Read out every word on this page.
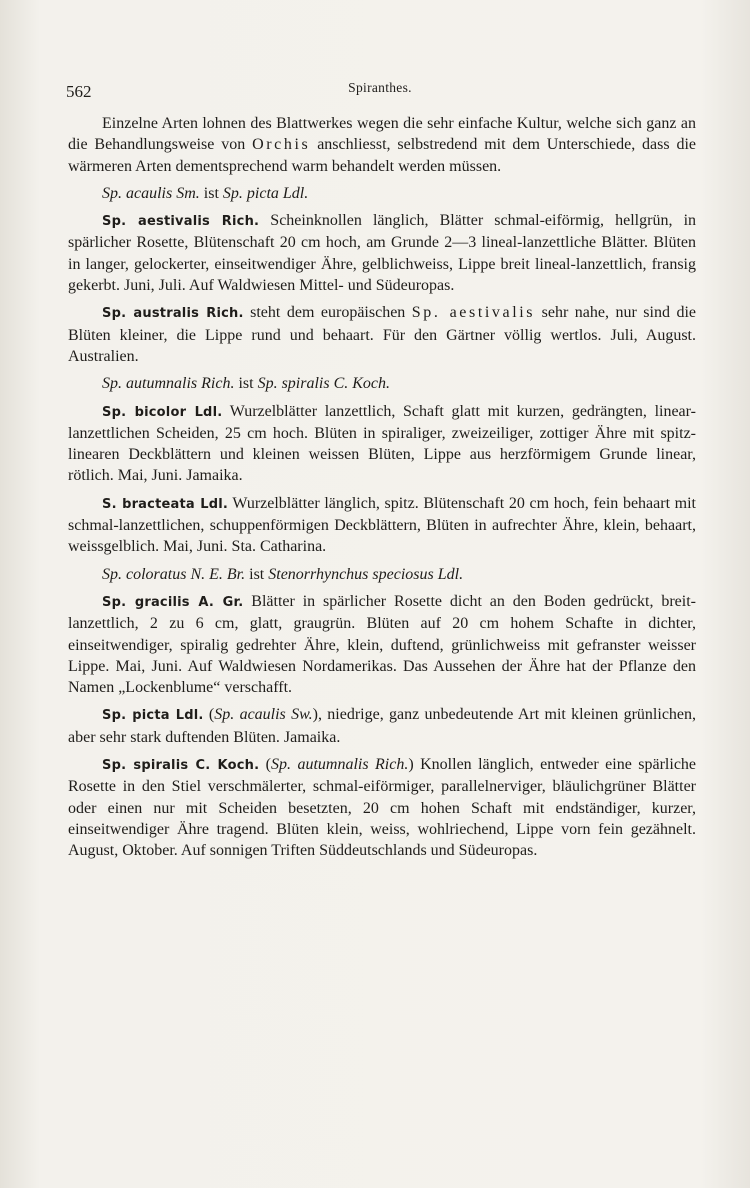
562	Spiranthes.

Einzelne Arten lohnen des Blattwerkes wegen die sehr einfache Kultur, welche sich ganz an die Behandlungsweise von Orchis anschliesst, selbstredend mit dem Unterschiede, dass die wärmeren Arten dementsprechend warm behandelt werden müssen.

Sp. acaulis Sm. ist Sp. picta Ldl.

Sp. aestivalis Rich. Scheinknollen länglich, Blätter schmal-eiförmig, hellgrün, in spärlicher Rosette, Blütenschaft 20 cm hoch, am Grunde 2—3 lineal-lanzettliche Blätter. Blüten in langer, gelockerter, einseitwendiger Ähre, gelblichweiss, Lippe breit lineal-lanzettlich, fransig gekerbt. Juni, Juli. Auf Waldwiesen Mittel- und Südeuropas.

Sp. australis Rich. steht dem europäischen Sp. aestivalis sehr nahe, nur sind die Blüten kleiner, die Lippe rund und behaart. Für den Gärtner völlig wertlos. Juli, August. Australien.

Sp. autumnalis Rich. ist Sp. spiralis C. Koch.

Sp. bicolor Ldl. Wurzelblätter lanzettlich, Schaft glatt mit kurzen, gedrängten, linear-lanzettlichen Scheiden, 25 cm hoch. Blüten in spiraliger, zweizeiliger, zottiger Ähre mit spitz-linearen Deckblättern und kleinen weissen Blüten, Lippe aus herzförmigem Grunde linear, rötlich. Mai, Juni. Jamaika.

S. bracteata Ldl. Wurzelblätter länglich, spitz. Blütenschaft 20 cm hoch, fein behaart mit schmal-lanzettlichen, schuppenförmigen Deckblättern, Blüten in aufrechter Ähre, klein, behaart, weissgelblich. Mai, Juni. Sta. Catharina.

Sp. coloratus N. E. Br. ist Stenorrhynchus speciosus Ldl.

Sp. gracilis A. Gr. Blätter in spärlicher Rosette dicht an den Boden gedrückt, breit-lanzettlich, 2 zu 6 cm, glatt, graugrün. Blüten auf 20 cm hohem Schafte in dichter, einseitwendiger, spiralig gedrehter Ähre, klein, duftend, grünlichweiss mit gefranster weisser Lippe. Mai, Juni. Auf Waldwiesen Nordamerikas. Das Aussehen der Ähre hat der Pflanze den Namen „Lockenblume“ verschafft.

Sp. picta Ldl. (Sp. acaulis Sw.), niedrige, ganz unbedeutende Art mit kleinen grünlichen, aber sehr stark duftenden Blüten. Jamaika.

Sp. spiralis C. Koch. (Sp. autumnalis Rich.) Knollen länglich, entweder eine spärliche Rosette in den Stiel verschmälerter, schmal-eiförmiger, parallelnerviger, bläulichgrüner Blätter oder einen nur mit Scheiden besetzten, 20 cm hohen Schaft mit endständiger, kurzer, einseitwendiger Ähre tragend. Blüten klein, weiss, wohlriechend, Lippe vorn fein gezähnelt. August, Oktober. Auf sonnigen Triften Süddeutschlands und Südeuropas.
